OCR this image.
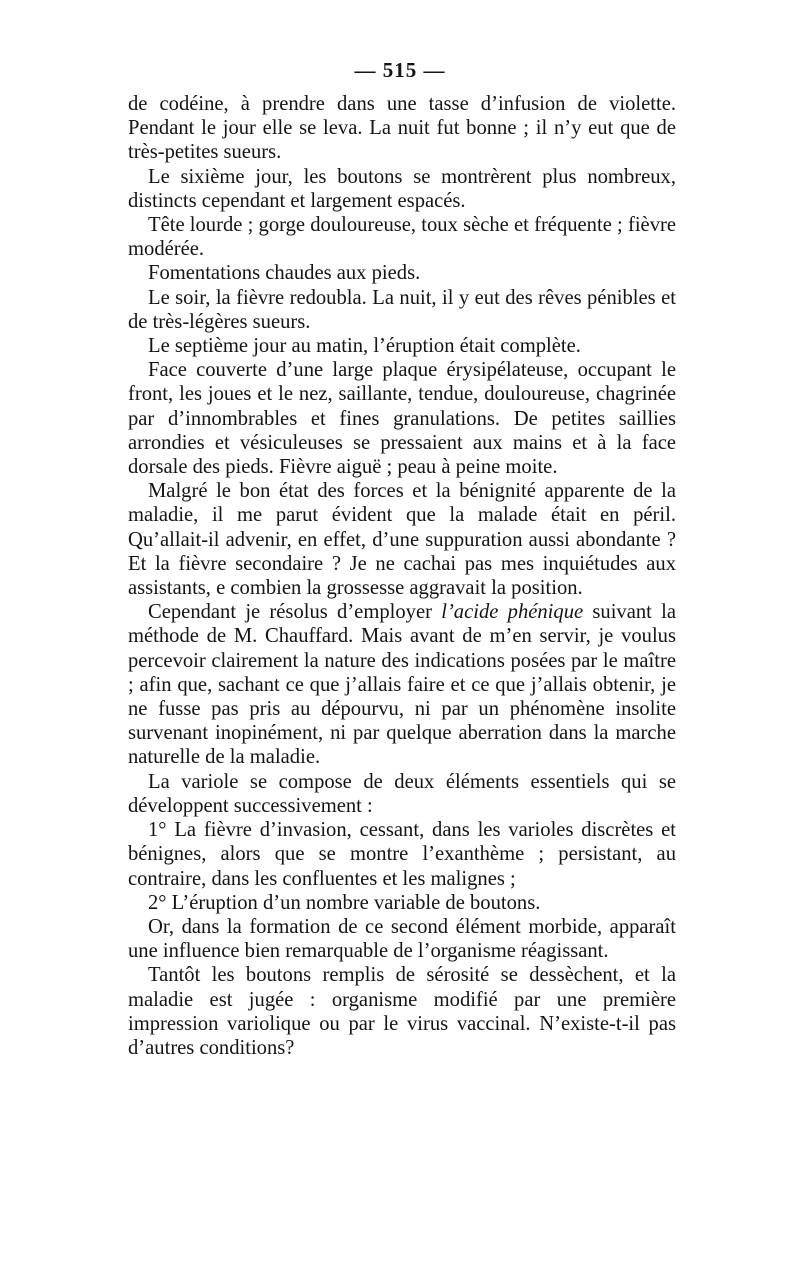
— 515 —

de codéine, à prendre dans une tasse d’infusion de violette. Pendant le jour elle se leva. La nuit fut bonne ; il n’y eut que de très-petites sueurs.

Le sixième jour, les boutons se montrèrent plus nombreux, distincts cependant et largement espacés.

Tête lourde ; gorge douloureuse, toux sèche et fréquente ; fièvre modérée.

Fomentations chaudes aux pieds.

Le soir, la fièvre redoubla. La nuit, il y eut des rêves pénibles et de très-légères sueurs.

Le septième jour au matin, l’éruption était complète.

Face couverte d’une large plaque érysipélateuse, occupant le front, les joues et le nez, saillante, tendue, douloureuse, chagrinée par d’innombrables et fines granulations. De petites saillies arrondies et vésiculeuses se pressaient aux mains et à la face dorsale des pieds. Fièvre aiguë ; peau à peine moite.

Malgré le bon état des forces et la bénignité apparente de la maladie, il me parut évident que la malade était en péril. Qu’allait-il advenir, en effet, d’une suppuration aussi abondante ? Et la fièvre secondaire ? Je ne cachai pas mes inquiétudes aux assistants, e combien la grossesse aggravait la position.

Cependant je résolus d’employer l’acide phénique suivant la méthode de M. Chauffard. Mais avant de m’en servir, je voulus percevoir clairement la nature des indications posées par le maître ; afin que, sachant ce que j’allais faire et ce que j’allais obtenir, je ne fusse pas pris au dépourvu, ni par un phénomène insolite survenant inopinément, ni par quelque aberration dans la marche naturelle de la maladie.

La variole se compose de deux éléments essentiels qui se développent successivement :

1° La fièvre d’invasion, cessant, dans les varioles discrètes et bénignes, alors que se montre l’exanthème ; persistant, au contraire, dans les confluentes et les malignes ;

2° L’éruption d’un nombre variable de boutons.

Or, dans la formation de ce second élément morbide, apparaît une influence bien remarquable de l’organisme réagissant.

Tantôt les boutons remplis de sérosité se dessèchent, et la maladie est jugée : organisme modifié par une première impression variolique ou par le virus vaccinal. N’existe-t-il pas d’autres conditions?
